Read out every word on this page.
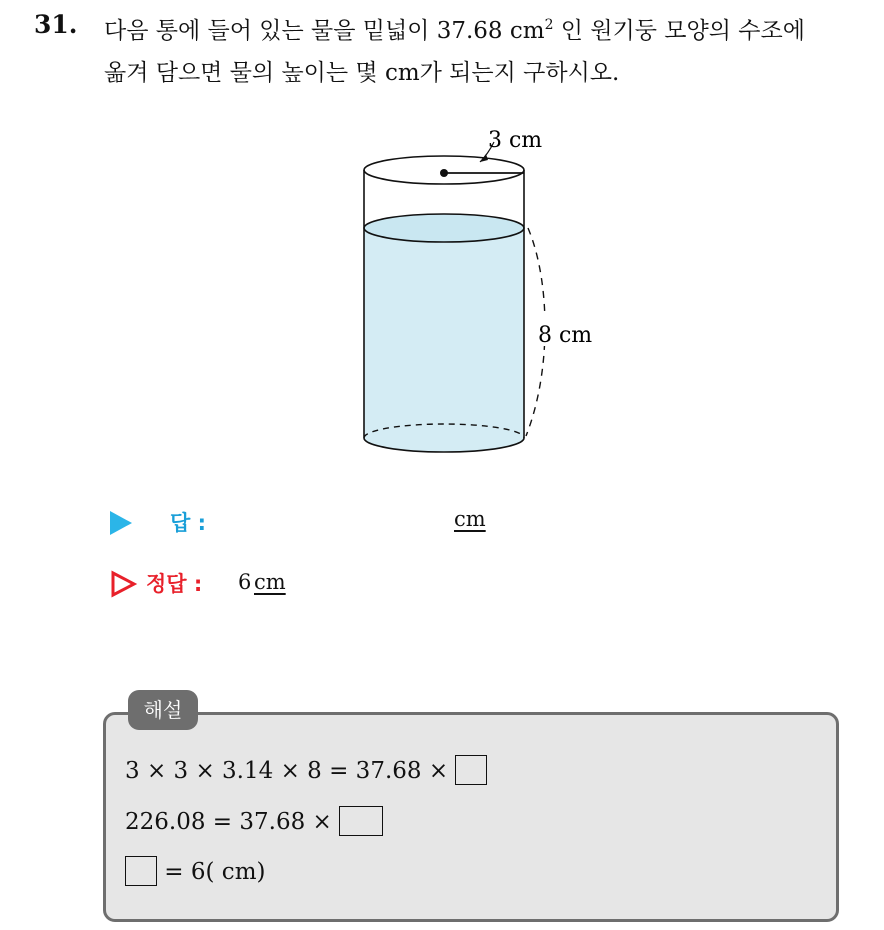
31. 다음 통에 들어 있는 물을 밑넓이 37.68 $cm^2$ 인 원기둥 모양의 수조에
옮겨 담으면 물의 높이는 몇 cm가 되는지 구하시오.
3 cm
8 cm
답 :	cm
정답 : 6 cm
해설
3 × 3 × 3.14 × 8 = 37.68 ×
226.08 = 37.68 ×
= 6( cm)
